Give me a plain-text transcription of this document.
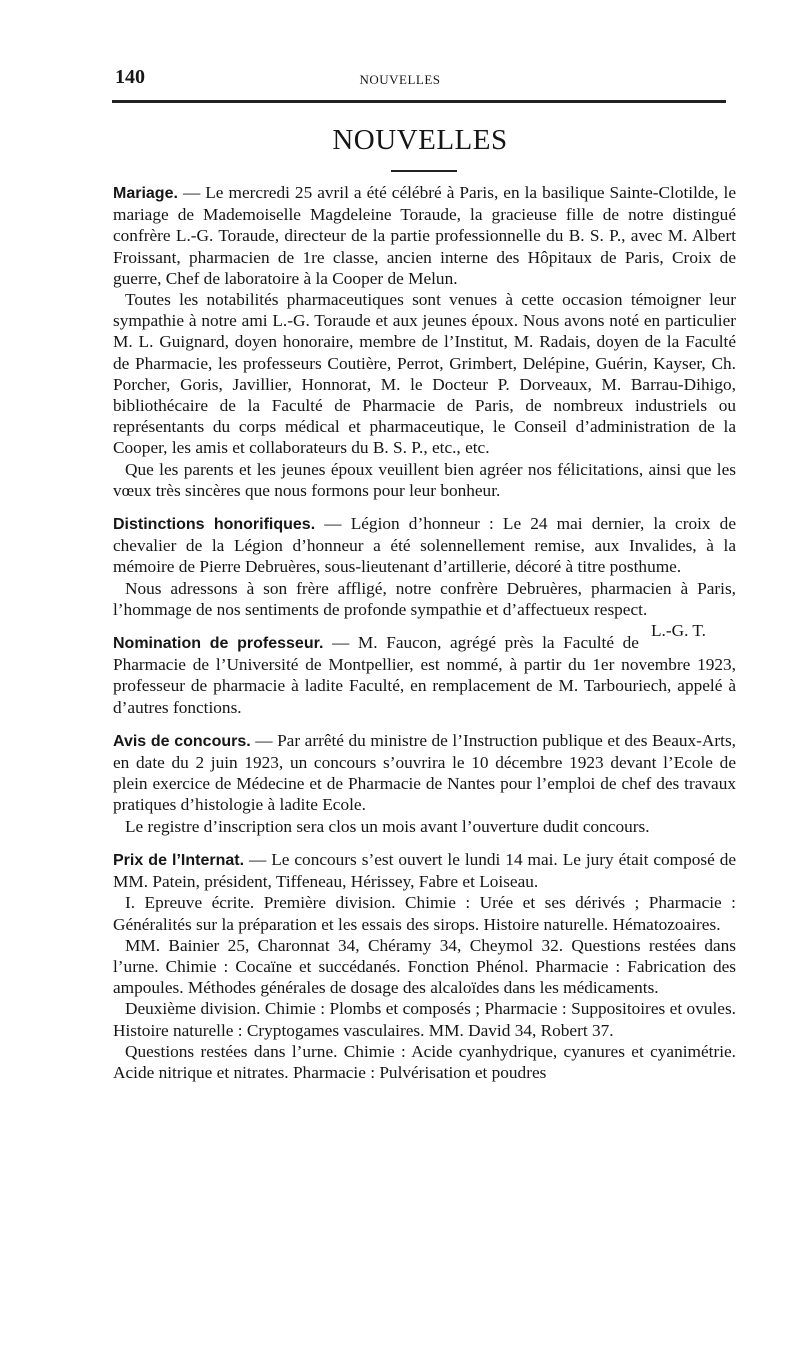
140	NOUVELLES
NOUVELLES

Mariage. — Le mercredi 25 avril a été célébré à Paris, en la basilique Sainte-Clotilde, le mariage de Mademoiselle Magdeleine Toraude, la gracieuse fille de notre distingué confrère L.-G. Toraude, directeur de la partie professionnelle du B. S. P., avec M. Albert Froissant, pharmacien de 1re classe, ancien interne des Hôpitaux de Paris, Croix de guerre, Chef de laboratoire à la Cooper de Melun.

Toutes les notabilités pharmaceutiques sont venues à cette occasion témoigner leur sympathie à notre ami L.-G. Toraude et aux jeunes époux. Nous avons noté en particulier M. L. Guignard, doyen honoraire, membre de l’Institut, M. Radais, doyen de la Faculté de Pharmacie, les professeurs Coutière, Perrot, Grimbert, Delépine, Guérin, Kayser, Ch. Porcher, Goris, Javillier, Honnorat, M. le Docteur P. Dorveaux, M. Barrau-Dihigo, bibliothécaire de la Faculté de Pharmacie de Paris, de nombreux industriels ou représentants du corps médical et pharmaceutique, le Conseil d’administration de la Cooper, les amis et collaborateurs du B. S. P., etc., etc.

Que les parents et les jeunes époux veuillent bien agréer nos félicitations, ainsi que les vœux très sincères que nous formons pour leur bonheur.

Distinctions honorifiques. — Légion d’honneur : Le 24 mai dernier, la croix de chevalier de la Légion d’honneur a été solennellement remise, aux Invalides, à la mémoire de Pierre Debruères, sous-lieutenant d’artillerie, décoré à titre posthume.

Nous adressons à son frère affligé, notre confrère Debruères, pharmacien à Paris, l’hommage de nos sentiments de profonde sympathie et d’affectueux respect.
L.-G. T.

Nomination de professeur. — M. Faucon, agrégé près la Faculté de Pharmacie de l’Université de Montpellier, est nommé, à partir du 1er novembre 1923, professeur de pharmacie à ladite Faculté, en remplacement de M. Tarbouriech, appelé à d’autres fonctions.

Avis de concours. — Par arrêté du ministre de l’Instruction publique et des Beaux-Arts, en date du 2 juin 1923, un concours s’ouvrira le 10 décembre 1923 devant l’Ecole de plein exercice de Médecine et de Pharmacie de Nantes pour l’emploi de chef des travaux pratiques d’histologie à ladite Ecole.

Le registre d’inscription sera clos un mois avant l’ouverture dudit concours.

Prix de l’Internat. — Le concours s’est ouvert le lundi 14 mai. Le jury était composé de MM. Patein, président, Tiffeneau, Hérissey, Fabre et Loiseau.

I. Epreuve écrite. Première division. Chimie : Urée et ses dérivés ; Pharmacie : Généralités sur la préparation et les essais des sirops. Histoire naturelle. Hématozoaires.

MM. Bainier 25, Charonnat 34, Chéramy 34, Cheymol 32. Questions restées dans l’urne. Chimie : Cocaïne et succédanés. Fonction Phénol. Pharmacie : Fabrication des ampoules. Méthodes générales de dosage des alcaloïdes dans les médicaments.

Deuxième division. Chimie : Plombs et composés ; Pharmacie : Suppositoires et ovules. Histoire naturelle : Cryptogames vasculaires. MM. David 34, Robert 37.

Questions restées dans l’urne. Chimie : Acide cyanhydrique, cyanures et cyanimétrie. Acide nitrique et nitrates. Pharmacie : Pulvérisation et poudres
